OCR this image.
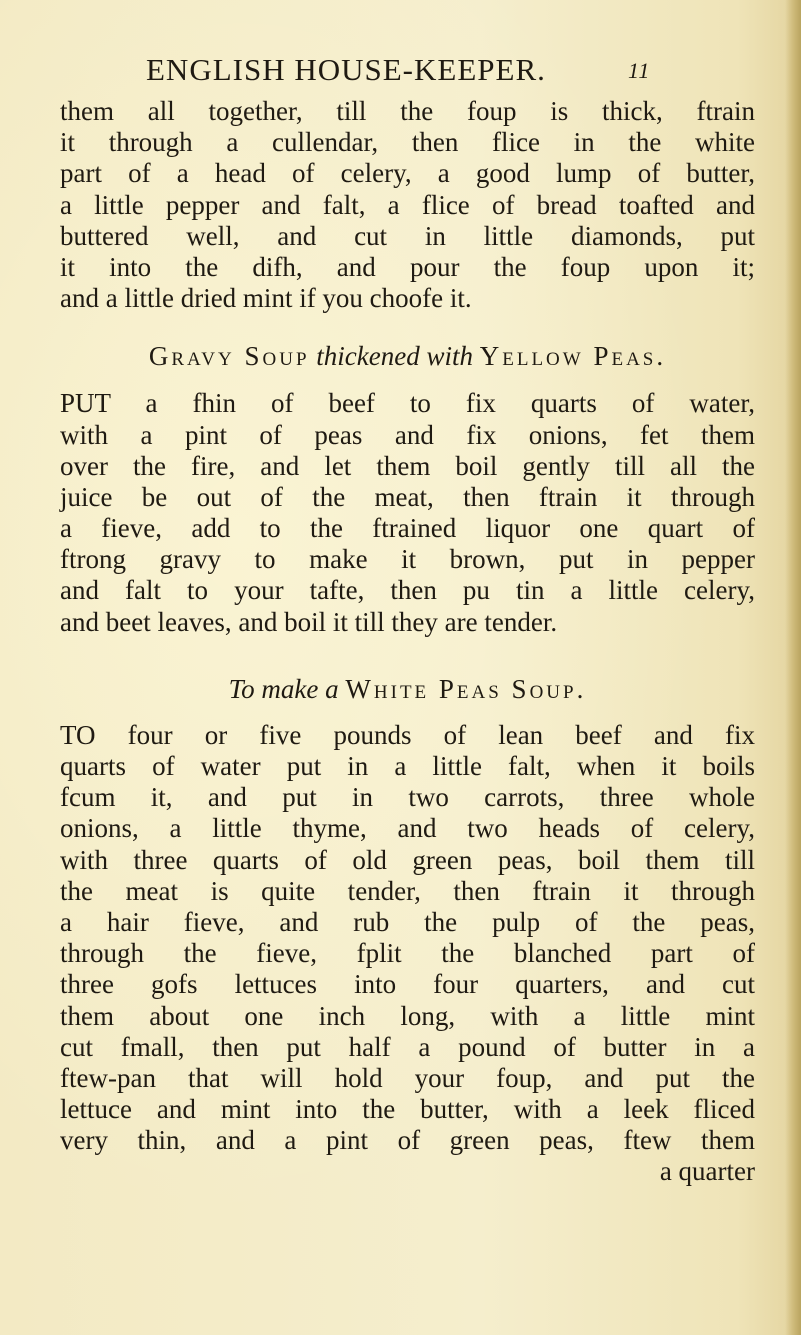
ENGLISH HOUSE-KEEPER.	11
them all together, till the foup is thick, ftrain
it through a cullendar, then flice in the white
part of a head of celery, a good lump of butter,
a little pepper and falt, a flice of bread toafted and
buttered well, and cut in little diamonds, put
it into the difh, and pour the foup upon it;
and a little dried mint if you choofe it.
Gravy Soup thickened with Yellow Peas.
PUT a fhin of beef to fix quarts of water,
with a pint of peas and fix onions, fet them
over the fire, and let them boil gently till all the
juice be out of the meat, then ftrain it through
a fieve, add to the ftrained liquor one quart of
ftrong gravy to make it brown, put in pepper
and falt to your tafte, then pu tin a little celery,
and beet leaves, and boil it till they are tender.
To make a White Peas Soup.
TO four or five pounds of lean beef and fix
quarts of water put in a little falt, when it boils
fcum it, and put in two carrots, three whole
onions, a little thyme, and two heads of celery,
with three quarts of old green peas, boil them till
the meat is quite tender, then ftrain it through
a hair fieve, and rub the pulp of the peas,
through the fieve, fplit the blanched part of
three gofs lettuces into four quarters, and cut
them about one inch long, with a little mint
cut fmall, then put half a pound of butter in a
ftew-pan that will hold your foup, and put the
lettuce and mint into the butter, with a leek fliced
very thin, and a pint of green peas, ftew them
a quarter
